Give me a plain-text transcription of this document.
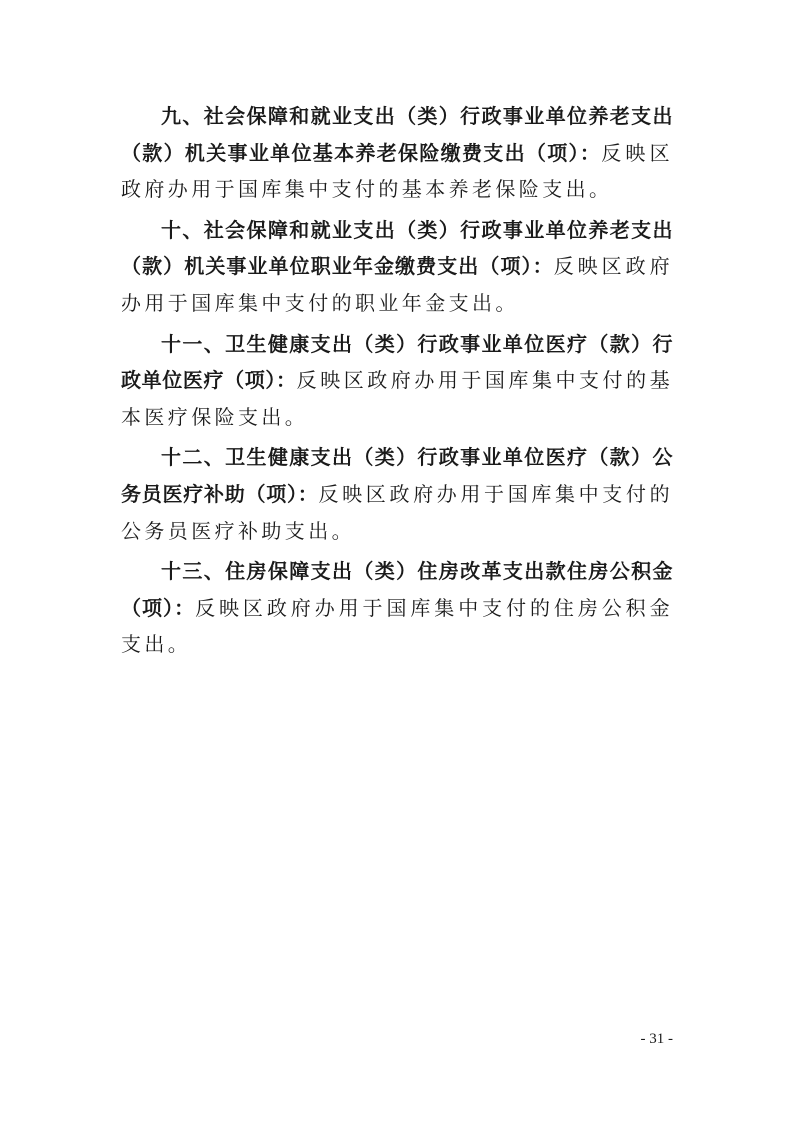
九、社会保障和就业支出（类）行政事业单位养老支出（款）机关事业单位基本养老保险缴费支出（项）：反映区政府办用于国库集中支付的基本养老保险支出。

十、社会保障和就业支出（类）行政事业单位养老支出（款）机关事业单位职业年金缴费支出（项）：反映区政府办用于国库集中支付的职业年金支出。

十一、卫生健康支出（类）行政事业单位医疗（款）行政单位医疗（项）：反映区政府办用于国库集中支付的基本医疗保险支出。

十二、卫生健康支出（类）行政事业单位医疗（款）公务员医疗补助（项）：反映区政府办用于国库集中支付的公务员医疗补助支出。

十三、住房保障支出（类）住房改革支出款住房公积金（项）：反映区政府办用于国库集中支付的住房公积金支出。

- 31 -
